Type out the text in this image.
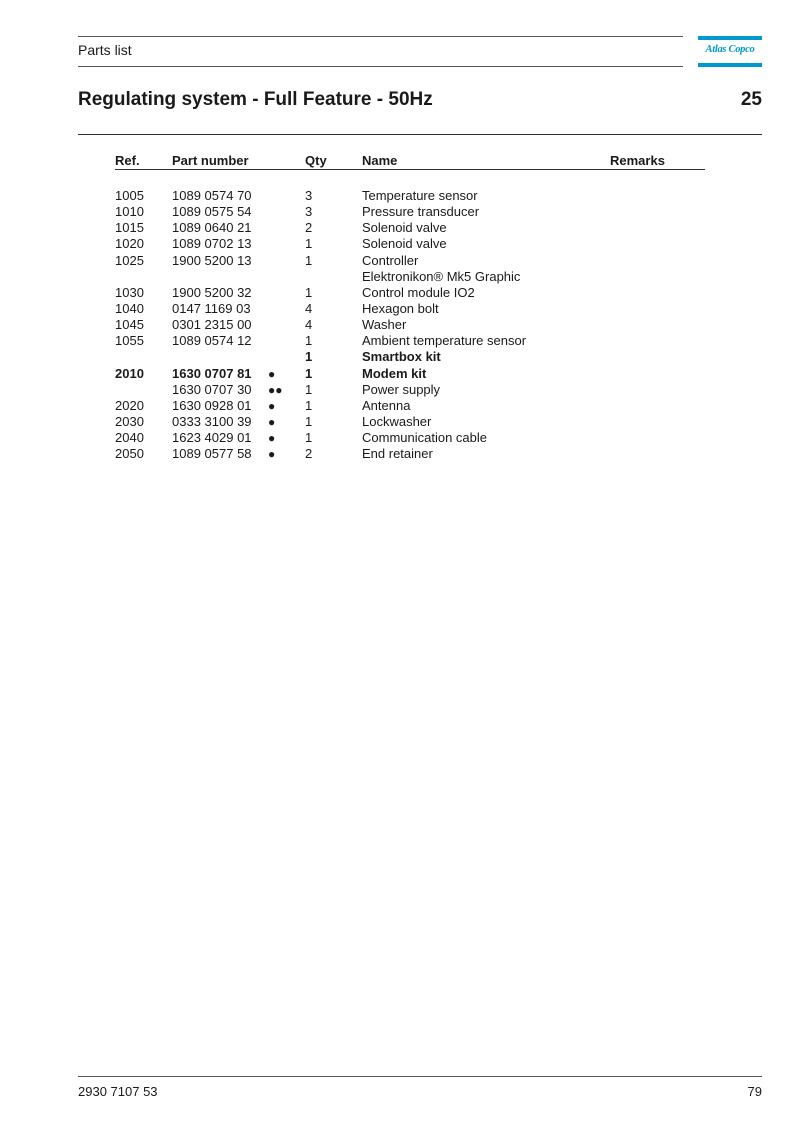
Parts list	Atlas Copco
Regulating system - Full Feature - 50Hz	25
Ref. Part number	Qty	Name	Remarks
1005 1089 0574 70	3	Temperature sensor
1010 1089 0575 54	3	Pressure transducer
1015 1089 0640 21	2	Solenoid valve
1020 1089 0702 13	1	Solenoid valve
1025 1900 5200 13	1	Controller
Elektronikon® Mk5 Graphic
1030 1900 5200 32	1	Control module IO2
1040 0147 1169 03	4	Hexagon bolt
1045 0301 2315 00	4	Washer
1055 1089 0574 12	1	Ambient temperature sensor
1	Smartbox kit
2010 1630 0707 81 ● 1	Modem kit
1630 0707 30 ●● 1	Power supply
2020 1630 0928 01 ● 1	Antenna
2030 0333 3100 39 ● 1	Lockwasher
2040 1623 4029 01 ● 1	Communication cable
2050 1089 0577 58 ● 2	End retainer
2930 7107 53	79
